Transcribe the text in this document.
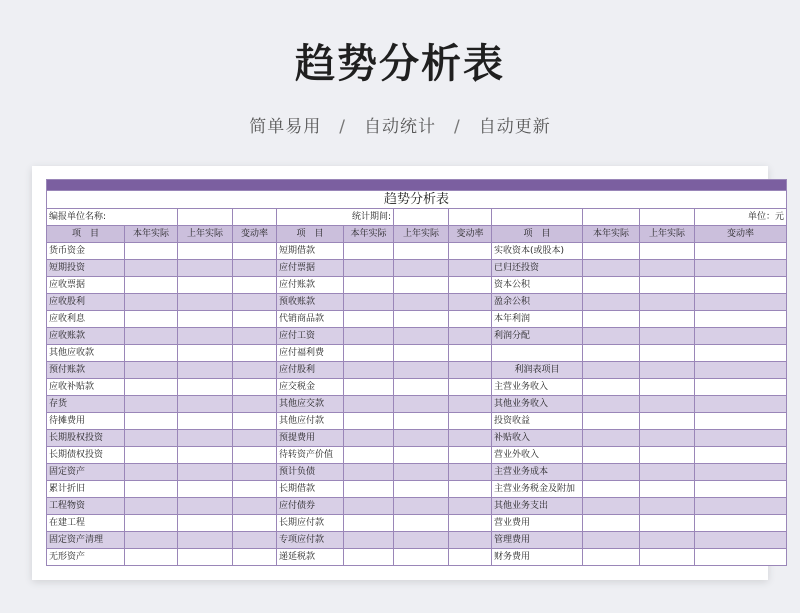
趋势分析表
简单易用 / 自动统计 / 自动更新

趋势分析表											
编报单位名称:				统计期间:							单位：元
项　目	本年实际	上年实际	变动率	项　目	本年实际	上年实际	变动率	项　目	本年实际	上年实际	变动率
货币资金				短期借款				实收资本(或股本)			
短期投资				应付票据				已归还投资			
应收票据				应付账款				资本公积			
应收股利				预收账款				盈余公积			
应收利息				代销商品款				本年利润			
应收账款				应付工资				利润分配			
其他应收款				应付福利费							
预付账款				应付股利				利润表项目			
应收补贴款				应交税金				主营业务收入			
存货				其他应交款				其他业务收入			
待摊费用				其他应付款				投资收益			
长期股权投资				预提费用				补贴收入			
长期债权投资				待转资产价值				营业外收入			
固定资产				预计负债				主营业务成本			
累计折旧				长期借款				主营业务税金及附加			
工程物资				应付债券				其他业务支出			
在建工程				长期应付款				营业费用			
固定资产清理				专项应付款				管理费用			
无形资产				递延税款				财务费用			
